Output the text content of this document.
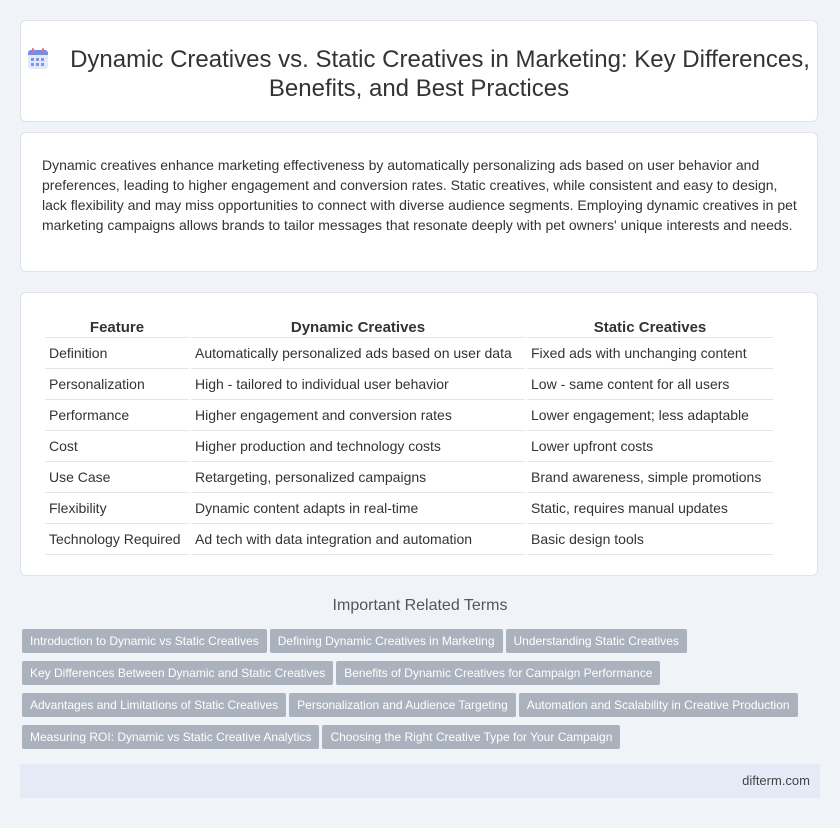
Dynamic Creatives vs. Static Creatives in Marketing: Key Differences, Benefits, and Best Practices

Dynamic creatives enhance marketing effectiveness by automatically personalizing ads based on user behavior and preferences, leading to higher engagement and conversion rates. Static creatives, while consistent and easy to design, lack flexibility and may miss opportunities to connect with diverse audience segments. Employing dynamic creatives in pet marketing campaigns allows brands to tailor messages that resonate deeply with pet owners' unique interests and needs.

Feature	Dynamic Creatives	Static Creatives
Definition	Automatically personalized ads based on user data	Fixed ads with unchanging content
Personalization	High - tailored to individual user behavior	Low - same content for all users
Performance	Higher engagement and conversion rates	Lower engagement; less adaptable
Cost	Higher production and technology costs	Lower upfront costs
Use Case	Retargeting, personalized campaigns	Brand awareness, simple promotions
Flexibility	Dynamic content adapts in real-time	Static, requires manual updates
Technology Required	Ad tech with data integration and automation	Basic design tools
Important Related Terms
Introduction to Dynamic vs Static Creatives Defining Dynamic Creatives in Marketing Understanding Static Creatives
Key Differences Between Dynamic and Static Creatives Benefits of Dynamic Creatives for Campaign Performance
Advantages and Limitations of Static Creatives Personalization and Audience Targeting Automation and Scalability in Creative Production
Measuring ROI: Dynamic vs Static Creative Analytics Choosing the Right Creative Type for Your Campaign
difterm.com
